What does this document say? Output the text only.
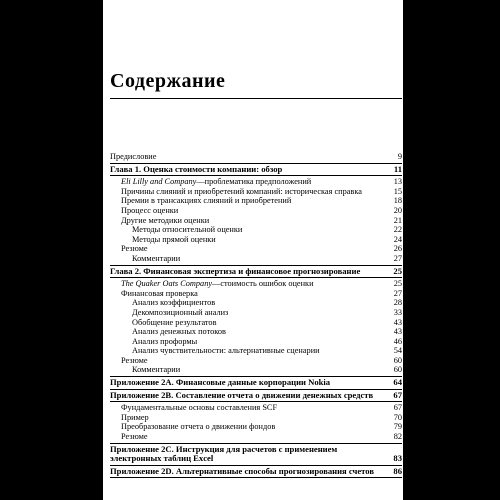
Содержание
Предисловие	9
Глава 1. Оценка стоимости компании: обзор	11
Eli Lilly and Company—проблематика предположений	13
Причины слияний и приобретений компаний: историческая справка	15
Премии в трансакциях слияний и приобретений	18
Процесс оценки	20
Другие методики оценки	21
Методы относительной оценки	22
Методы прямой оценки	24
Резюме	26
Комментарии	27
Глава 2. Финансовая экспертиза и финансовое прогнозирование	25
The Quaker Oats Company—стоимость ошибок оценки	25
Финансовая проверка	27
Анализ коэффициентов	28
Декомпозиционный анализ	33
Обобщение результатов	43
Анализ денежных потоков	43
Анализ проформы	46
Анализ чувствительности: альтернативные сценарии	54
Резюме	60
Комментарии	60
Приложение 2A. Финансовые данные корпорации Nokia	64
Приложение 2B. Составление отчета о движении денежных средств 67
Фундаментальные основы составления SCF	67
Пример	70
Преобразование отчета о движении фондов	79
Резюме	82
Приложение 2C. Инструкция для расчетов с применением электронных таблиц Excel	83
Приложение 2D. Альтернативные способы прогнозирования счетов 86
